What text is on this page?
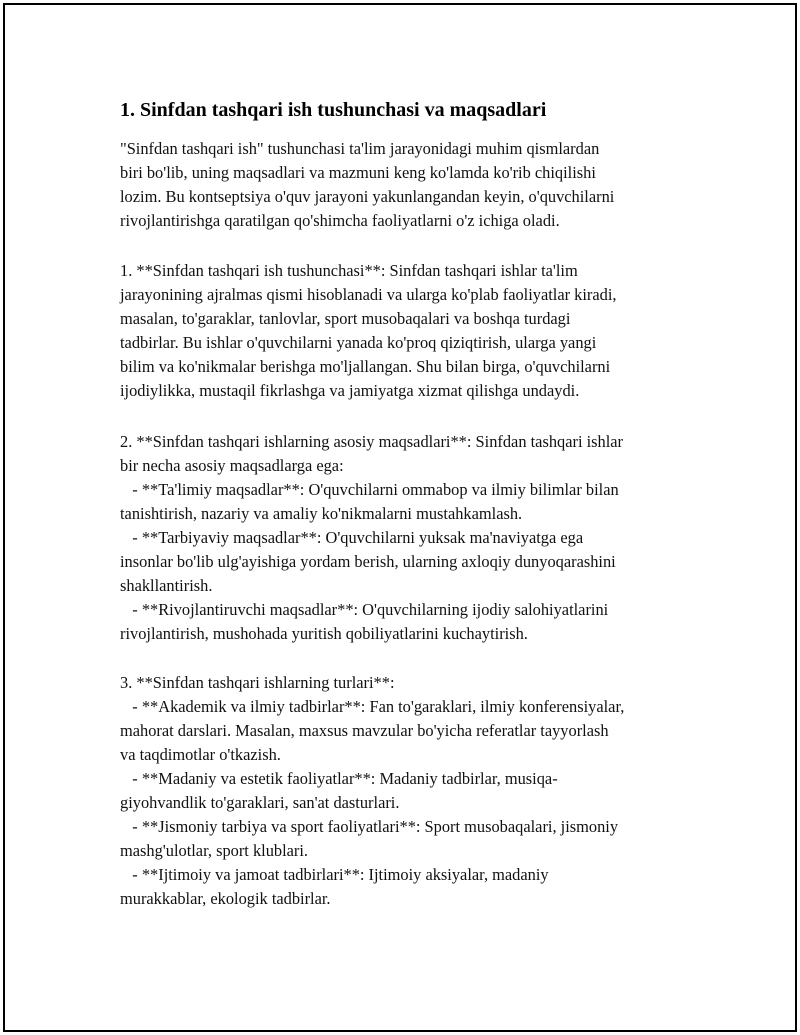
1. Sinfdan tashqari ish tushunchasi va maqsadlari

"Sinfdan tashqari ish" tushunchasi ta'lim jarayonidagi muhim qismlardan
biri bo'lib, uning maqsadlari va mazmuni keng ko'lamda ko'rib chiqilishi
lozim. Bu kontseptsiya o'quv jarayoni yakunlangandan keyin, o'quvchilarni
rivojlantirishga qaratilgan qo'shimcha faoliyatlarni o'z ichiga oladi.

1. **Sinfdan tashqari ish tushunchasi**: Sinfdan tashqari ishlar ta'lim
jarayonining ajralmas qismi hisoblanadi va ularga ko'plab faoliyatlar kiradi,
masalan, to'garaklar, tanlovlar, sport musobaqalari va boshqa turdagi
tadbirlar. Bu ishlar o'quvchilarni yanada ko'proq qiziqtirish, ularga yangi
bilim va ko'nikmalar berishga mo'ljallangan. Shu bilan birga, o'quvchilarni
ijodiylikka, mustaqil fikrlashga va jamiyatga xizmat qilishga undaydi.

2. **Sinfdan tashqari ishlarning asosiy maqsadlari**: Sinfdan tashqari ishlar
bir necha asosiy maqsadlarga ega:
- **Ta'limiy maqsadlar**: O'quvchilarni ommabop va ilmiy bilimlar bilan
tanishtirish, nazariy va amaliy ko'nikmalarni mustahkamlash.
- **Tarbiyaviy maqsadlar**: O'quvchilarni yuksak ma'naviyatga ega
insonlar bo'lib ulg'ayishiga yordam berish, ularning axloqiy dunyoqarashini
shakllantirish.
- **Rivojlantiruvchi maqsadlar**: O'quvchilarning ijodiy salohiyatlarini
rivojlantirish, mushohada yuritish qobiliyatlarini kuchaytirish.

3. **Sinfdan tashqari ishlarning turlari**:
- **Akademik va ilmiy tadbirlar**: Fan to'garaklari, ilmiy konferensiyalar,
mahorat darslari. Masalan, maxsus mavzular bo'yicha referatlar tayyorlash
va taqdimotlar o'tkazish.
- **Madaniy va estetik faoliyatlar**: Madaniy tadbirlar, musiqa-
giyohvandlik to'garaklari, san'at dasturlari.
- **Jismoniy tarbiya va sport faoliyatlari**: Sport musobaqalari, jismoniy
mashg'ulotlar, sport klublari.
- **Ijtimoiy va jamoat tadbirlari**: Ijtimoiy aksiyalar, madaniy
murakkablar, ekologik tadbirlar.
